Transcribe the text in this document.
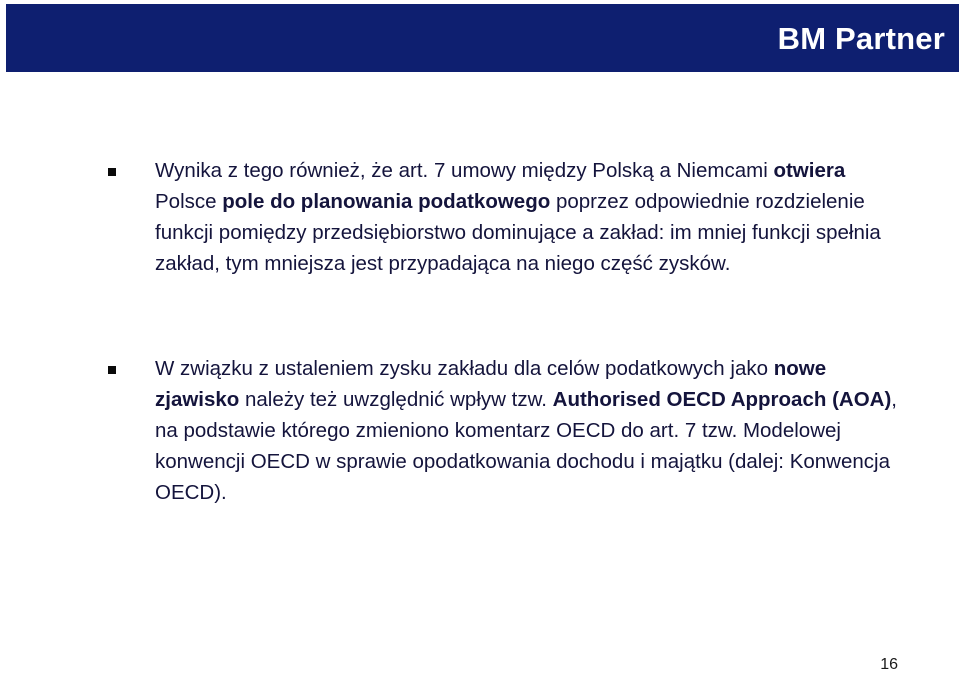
BM Partner
Wynika z tego również, że art. 7 umowy między Polską a Niemcami otwiera Polsce pole do planowania podatkowego poprzez odpowiednie rozdzielenie funkcji pomiędzy przedsiębiorstwo dominujące a zakład: im mniej funkcji spełnia zakład, tym mniejsza jest przypadająca na niego część zysków.
W związku z ustaleniem zysku zakładu dla celów podatkowych jako nowe zjawisko należy też uwzględnić wpływ tzw. Authorised OECD Approach (AOA), na podstawie którego zmieniono komentarz OECD do art. 7 tzw. Modelowej konwencji OECD w sprawie opodatkowania dochodu i majątku (dalej: Konwencja OECD).
16
